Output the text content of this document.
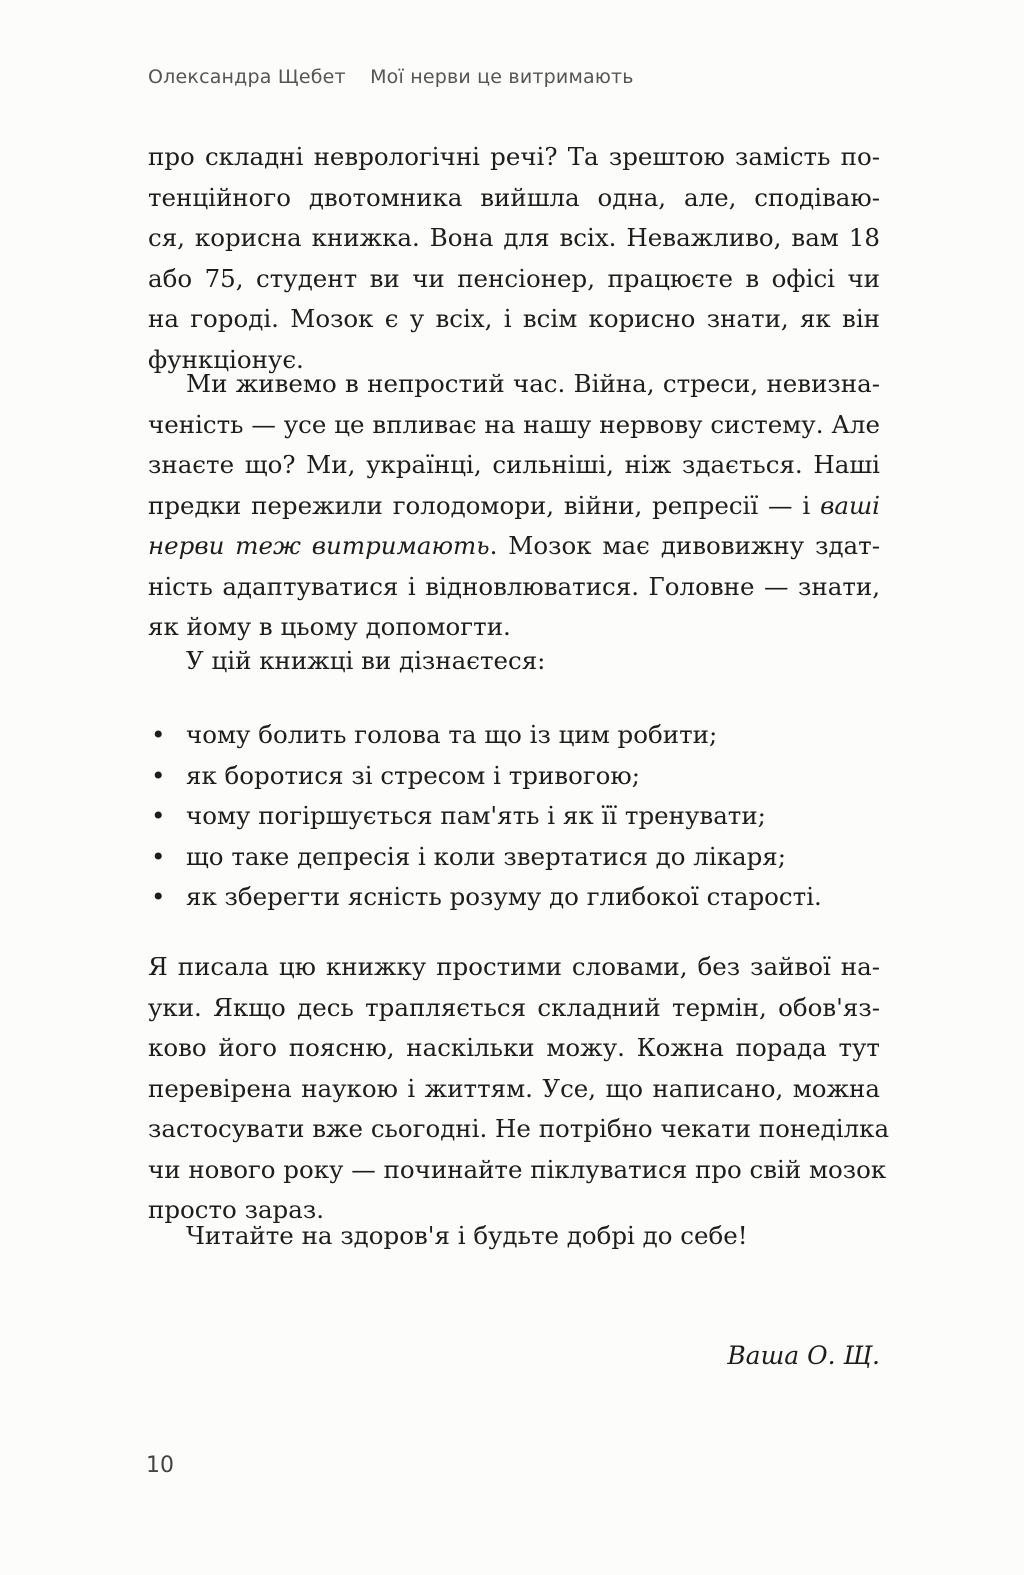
Олександра Щебет Мої нерви це витримають
про складні неврологічні речі? Та зрештою замість по-
тенційного двотомника вийшла одна, але, сподіваю-
ся, корисна книжка. Вона для всіх. Неважливо, вам 18
або 75, студент ви чи пенсіонер, працюєте в офісі чи
на городі. Мозок є у всіх, і всім корисно знати, як він
функціонує.
Ми живемо в непростий час. Війна, стреси, невизна-
ченість — усе це впливає на нашу нервову систему. Але
знаєте що? Ми, українці, сильніші, ніж здається. Наші
предки пережили голодомори, війни, репресії — і ваші
нерви теж витримають. Мозок має дивовижну здат-
ність адаптуватися і відновлюватися. Головне — знати,
як йому в цьому допомогти.
У цій книжці ви дізнаєтеся:
• чому болить голова та що із цим робити;
• як боротися зі стресом і тривогою;
• чому погіршується пам'ять і як її тренувати;
• що таке депресія і коли звертатися до лікаря;
• як зберегти ясність розуму до глибокої старості.
Я писала цю книжку простими словами, без зайвої на-
уки. Якщо десь трапляється складний термін, обов'яз-
ково його поясню, наскільки можу. Кожна порада тут
перевірена наукою і життям. Усе, що написано, можна
застосувати вже сьогодні. Не потрібно чекати понеділка
чи нового року — починайте піклуватися про свій мозок
просто зараз.
Читайте на здоров'я і будьте добрі до себе!
Ваша О. Щ.
10
